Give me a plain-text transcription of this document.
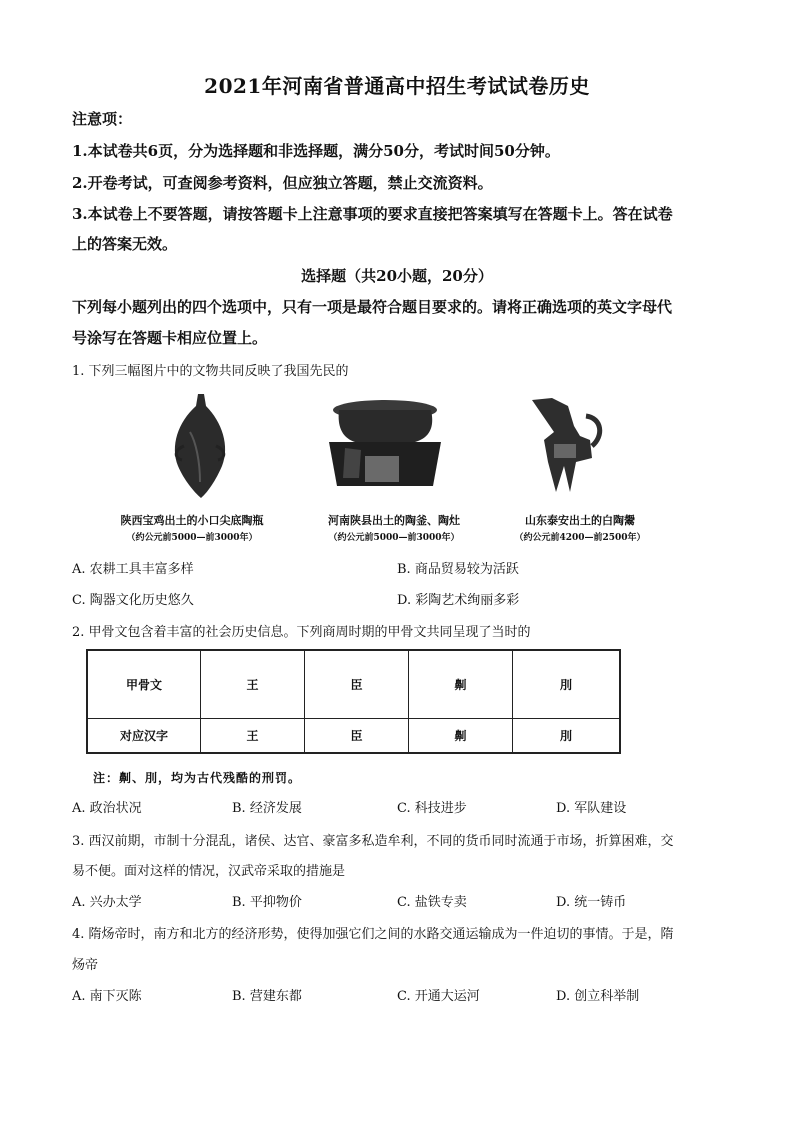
2021年河南省普通高中招生考试试卷历史
注意项：
1.本试卷共6页，分为选择题和非选择题，满分50分，考试时间50分钟。
2.开卷考试，可查阅参考资料，但应独立答题，禁止交流资料。
3.本试卷上不要答题，请按答题卡上注意事项的要求直接把答案填写在答题卡上。答在试卷
上的答案无效。
选择题（共20小题，20分）
下列每小题列出的四个选项中，只有一项是最符合题目要求的。请将正确选项的英文字母代
号涂写在答题卡相应位置上。
1. 下列三幅图片中的文物共同反映了我国先民的
陕西宝鸡出土的小口尖底陶瓶
（约公元前5000—前3000年）
河南陕县出土的陶釜、陶灶
（约公元前5000—前3000年）
山东泰安出土的白陶鬶
（约公元前4200—前2500年）
A. 农耕工具丰富多样	B. 商品贸易较为活跃
C. 陶器文化历史悠久	D. 彩陶艺术绚丽多彩
2. 甲骨文包含着丰富的社会历史信息。下列商周时期的甲骨文共同呈现了当时的
甲骨文	王	臣	劓	刖
对应汉字	王	臣	劓	刖
注：劓、刖，均为古代残酷的刑罚。
A. 政治状况	B. 经济发展	C. 科技进步	D. 军队建设
3. 西汉前期，市制十分混乱，诸侯、达官、豪富多私造牟利，不同的货币同时流通于市场，折算困难，交
易不便。面对这样的情况，汉武帝采取的措施是
A. 兴办太学	B. 平抑物价	C. 盐铁专卖	D. 统一铸币
4. 隋炀帝时，南方和北方的经济形势，使得加强它们之间的水路交通运输成为一件迫切的事情。于是，隋
炀帝
A. 南下灭陈	B. 营建东都	C. 开通大运河	D. 创立科举制
